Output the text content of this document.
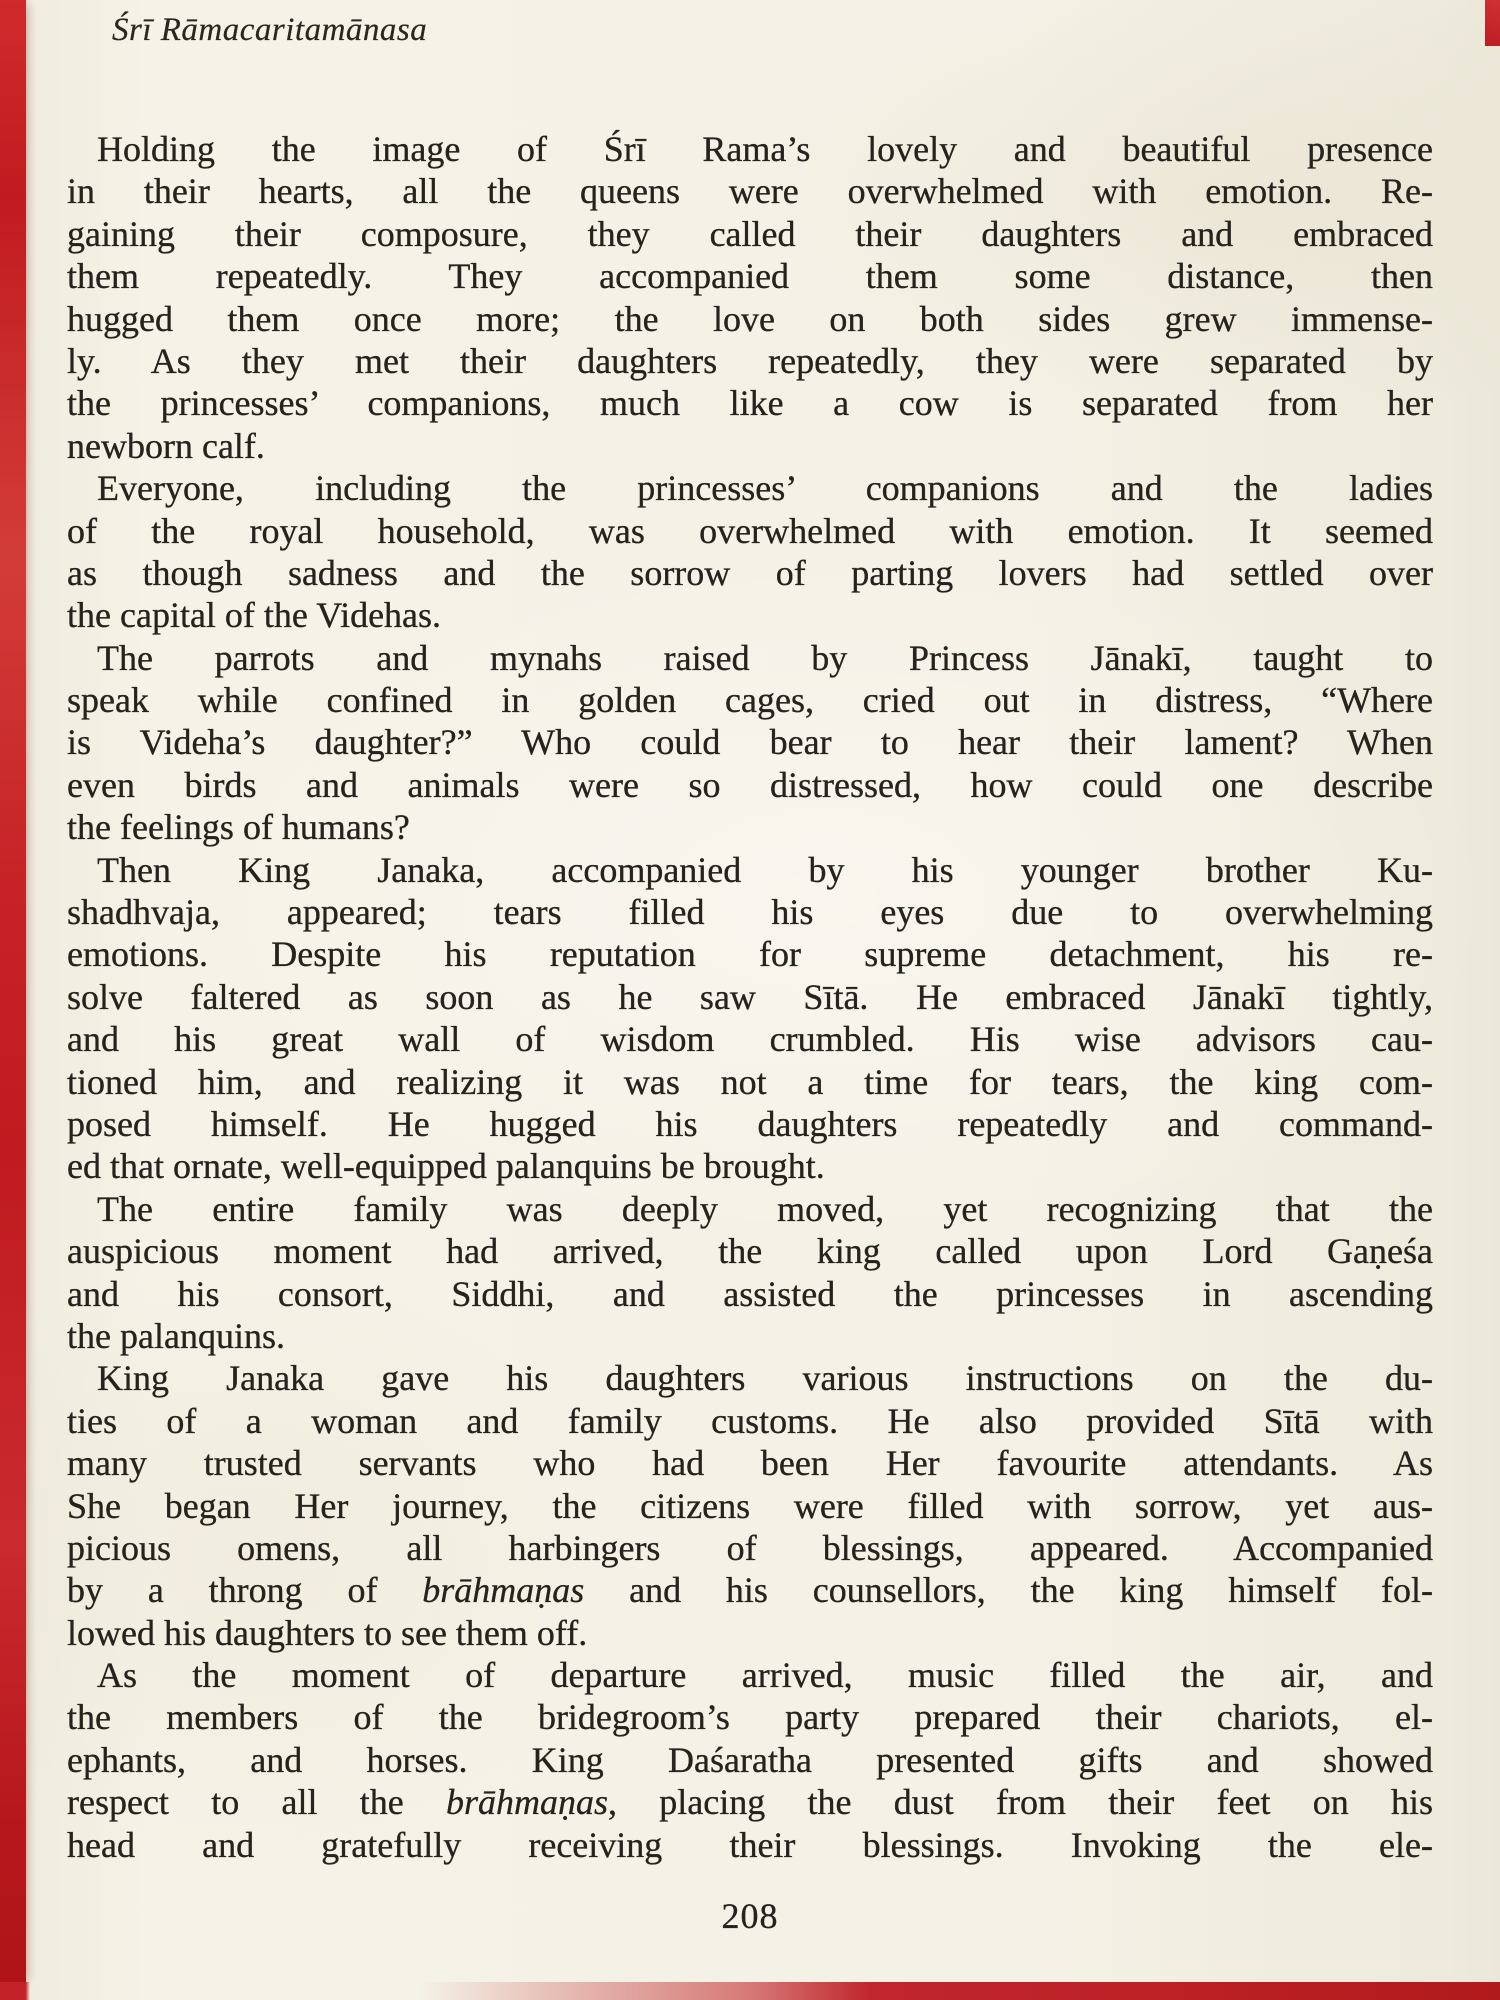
Śrī Rāmacaritamānasa
Holding the image of Śrī Rama’s lovely and beautiful presence
in their hearts, all the queens were overwhelmed with emotion. Re-
gaining their composure, they called their daughters and embraced
them repeatedly. They accompanied them some distance, then
hugged them once more; the love on both sides grew immense-
ly. As they met their daughters repeatedly, they were separated by
the princesses’ companions, much like a cow is separated from her
newborn calf.
Everyone, including the princesses’ companions and the ladies
of the royal household, was overwhelmed with emotion. It seemed
as though sadness and the sorrow of parting lovers had settled over
the capital of the Videhas.
The parrots and mynahs raised by Princess Jānakī, taught to
speak while confined in golden cages, cried out in distress, “Where
is Videha’s daughter?” Who could bear to hear their lament? When
even birds and animals were so distressed, how could one describe
the feelings of humans?
Then King Janaka, accompanied by his younger brother Ku-
shadhvaja, appeared; tears filled his eyes due to overwhelming
emotions. Despite his reputation for supreme detachment, his re-
solve faltered as soon as he saw Sītā. He embraced Jānakī tightly,
and his great wall of wisdom crumbled. His wise advisors cau-
tioned him, and realizing it was not a time for tears, the king com-
posed himself. He hugged his daughters repeatedly and command-
ed that ornate, well-equipped palanquins be brought.
The entire family was deeply moved, yet recognizing that the
auspicious moment had arrived, the king called upon Lord Gaṇeśa
and his consort, Siddhi, and assisted the princesses in ascending
the palanquins.
King Janaka gave his daughters various instructions on the du-
ties of a woman and family customs. He also provided Sītā with
many trusted servants who had been Her favourite attendants. As
She began Her journey, the citizens were filled with sorrow, yet aus-
picious omens, all harbingers of blessings, appeared. Accompanied
by a throng of brāhmaṇas and his counsellors, the king himself fol-
lowed his daughters to see them off.
As the moment of departure arrived, music filled the air, and
the members of the bridegroom’s party prepared their chariots, el-
ephants, and horses. King Daśaratha presented gifts and showed
respect to all the brāhmaṇas, placing the dust from their feet on his
head and gratefully receiving their blessings. Invoking the ele-
208
